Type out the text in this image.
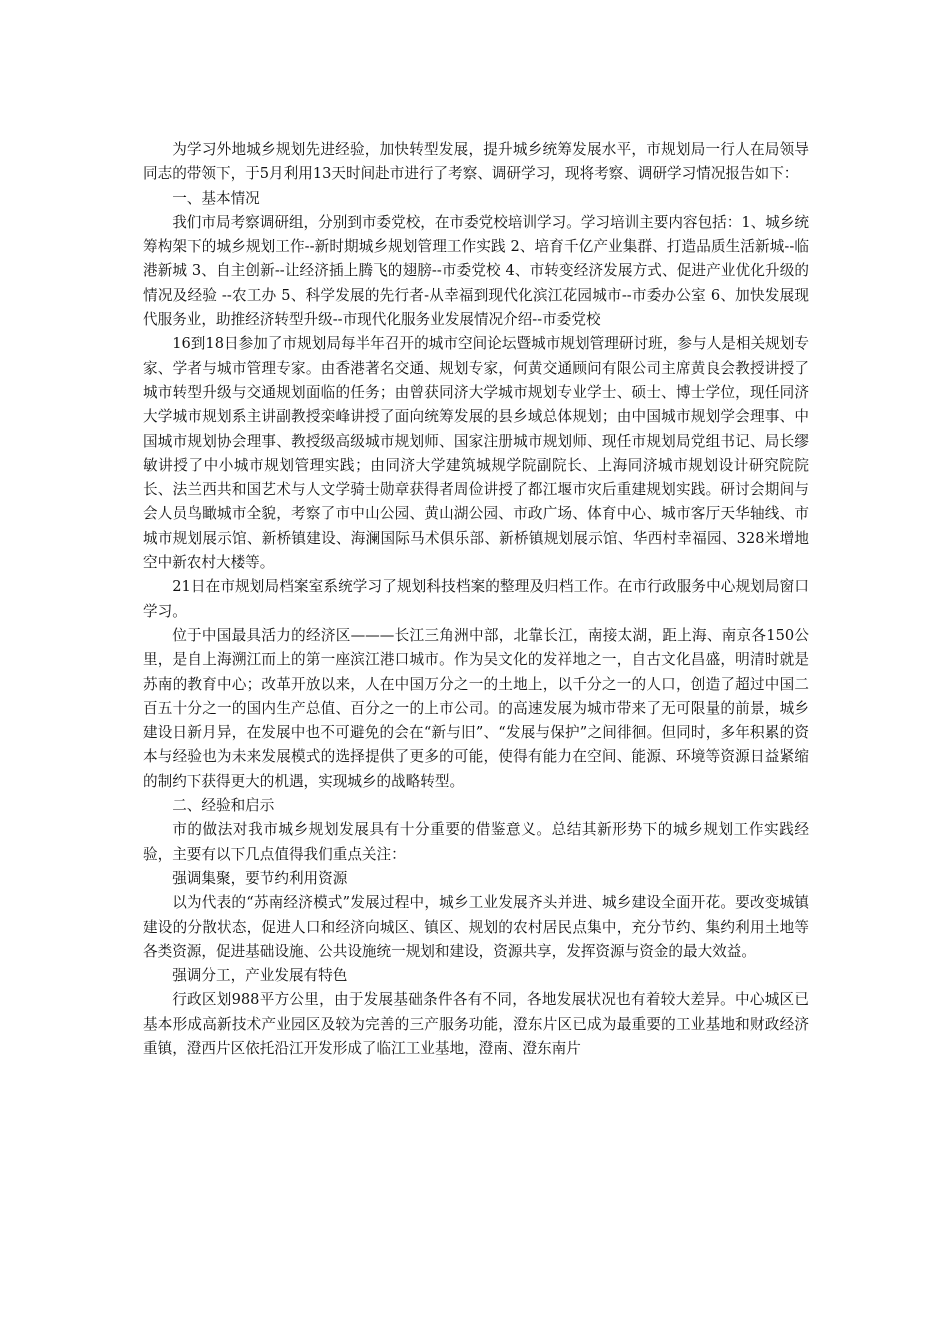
为学习外地城乡规划先进经验，加快转型发展，提升城乡统筹发展水平，市规划局一行人在局领导同志的带领下，于5月利用13天时间赴市进行了考察、调研学习，现将考察、调研学习情况报告如下：

一、基本情况

我们市局考察调研组，分别到市委党校，在市委党校培训学习。学习培训主要内容包括：1、城乡统筹构架下的城乡规划工作--新时期城乡规划管理工作实践 2、培育千亿产业集群、打造品质生活新城--临港新城 3、自主创新--让经济插上腾飞的翅膀--市委党校 4、市转变经济发展方式、促进产业优化升级的情况及经验 --农工办 5、科学发展的先行者-从幸福到现代化滨江花园城市--市委办公室 6、加快发展现代服务业，助推经济转型升级--市现代化服务业发展情况介绍--市委党校

16到18日参加了市规划局每半年召开的城市空间论坛暨城市规划管理研讨班，参与人是相关规划专家、学者与城市管理专家。由香港著名交通、规划专家，何黄交通顾问有限公司主席黄良会教授讲授了城市转型升级与交通规划面临的任务；由曾获同济大学城市规划专业学士、硕士、博士学位，现任同济大学城市规划系主讲副教授栾峰讲授了面向统筹发展的县乡域总体规划；由中国城市规划学会理事、中国城市规划协会理事、教授级高级城市规划师、国家注册城市规划师、现任市规划局党组书记、局长缪敏讲授了中小城市规划管理实践；由同济大学建筑城规学院副院长、上海同济城市规划设计研究院院长、法兰西共和国艺术与人文学骑士勋章获得者周俭讲授了都江堰市灾后重建规划实践。研讨会期间与会人员鸟瞰城市全貌，考察了市中山公园、黄山湖公园、市政广场、体育中心、城市客厅天华轴线、市城市规划展示馆、新桥镇建设、海澜国际马术俱乐部、新桥镇规划展示馆、华西村幸福园、328米增地空中新农村大楼等。

21日在市规划局档案室系统学习了规划科技档案的整理及归档工作。在市行政服务中心规划局窗口学习。

位于中国最具活力的经济区———长江三角洲中部，北靠长江，南接太湖，距上海、南京各150公里，是自上海溯江而上的第一座滨江港口城市。作为吴文化的发祥地之一，自古文化昌盛，明清时就是苏南的教育中心；改革开放以来，人在中国万分之一的土地上，以千分之一的人口，创造了超过中国二百五十分之一的国内生产总值、百分之一的上市公司。的高速发展为城市带来了无可限量的前景，城乡建设日新月异，在发展中也不可避免的会在“新与旧”、“发展与保护”之间徘徊。但同时，多年积累的资本与经验也为未来发展模式的选择提供了更多的可能，使得有能力在空间、能源、环境等资源日益紧缩的制约下获得更大的机遇，实现城乡的战略转型。

二、经验和启示

市的做法对我市城乡规划发展具有十分重要的借鉴意义。总结其新形势下的城乡规划工作实践经验，主要有以下几点值得我们重点关注：

强调集聚，要节约利用资源

以为代表的“苏南经济模式”发展过程中，城乡工业发展齐头并进、城乡建设全面开花。要改变城镇建设的分散状态，促进人口和经济向城区、镇区、规划的农村居民点集中，充分节约、集约利用土地等各类资源，促进基础设施、公共设施统一规划和建设，资源共享，发挥资源与资金的最大效益。

强调分工，产业发展有特色

行政区划988平方公里，由于发展基础条件各有不同，各地发展状况也有着较大差异。中心城区已基本形成高新技术产业园区及较为完善的三产服务功能，澄东片区已成为最重要的工业基地和财政经济重镇，澄西片区依托沿江开发形成了临江工业基地，澄南、澄东南片
